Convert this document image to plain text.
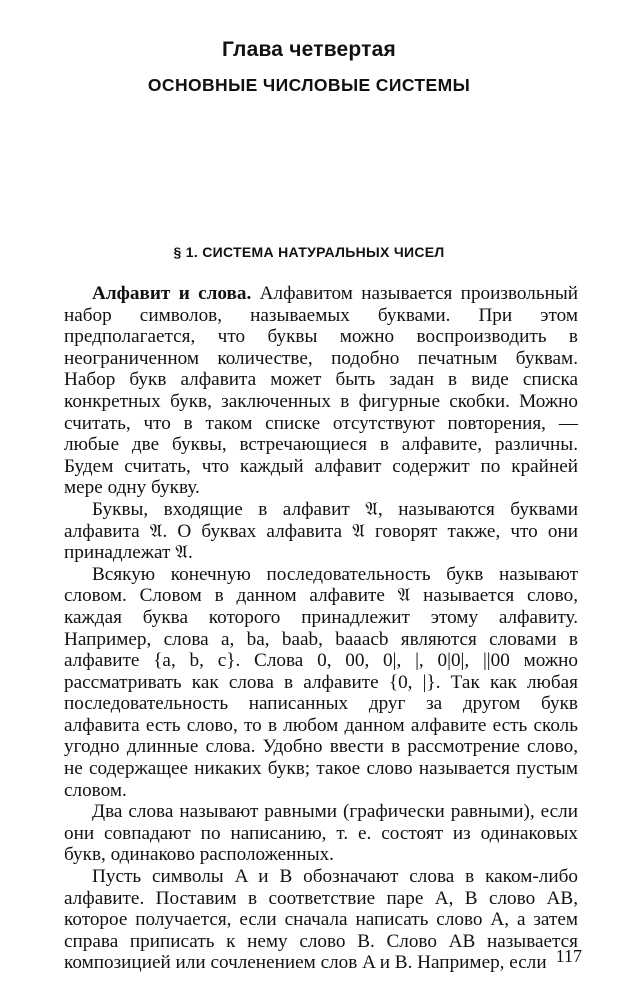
Глава четвертая
ОСНОВНЫЕ ЧИСЛОВЫЕ СИСТЕМЫ
§ 1. СИСТЕМА НАТУРАЛЬНЫХ ЧИСЕЛ

Алфавит и слова. Алфавитом называется произвольный набор символов, называемых буквами. При этом предполагается, что буквы можно воспроизводить в неограниченном количестве, подобно печатным буквам. Набор букв алфавита может быть задан в виде списка конкретных букв, заключенных в фигурные скобки. Можно считать, что в таком списке отсутствуют повторения, — любые две буквы, встречающиеся в алфавите, различны. Будем считать, что каждый алфавит содержит по крайней мере одну букву.

Буквы, входящие в алфавит 𝔄, называются буквами алфавита 𝔄. О буквах алфавита 𝔄 говорят также, что они принадлежат 𝔄.

Всякую конечную последовательность букв называют словом. Словом в данном алфавите 𝔄 называется слово, каждая буква которого принадлежит этому алфавиту. Например, слова a, ba, baab, baaacb являются словами в алфавите {a, b, c}. Слова 0, 00, 0|, |, 0|0|, ||00 можно рассматривать как слова в алфавите {0, |}. Так как любая последовательность написанных друг за другом букв алфавита есть слово, то в любом данном алфавите есть сколь угодно длинные слова. Удобно ввести в рассмотрение слово, не содержащее никаких букв; такое слово называется пустым словом.

Два слова называют равными (графически равными), если они совпадают по написанию, т. е. состоят из одинаковых букв, одинаково расположенных.

Пусть символы A и B обозначают слова в каком-либо алфавите. Поставим в соответствие паре A, B слово AB, которое получается, если сначала написать слово A, а затем справа приписать к нему слово B. Слово AB называется композицией или сочленением слов A и B. Например, если 117
